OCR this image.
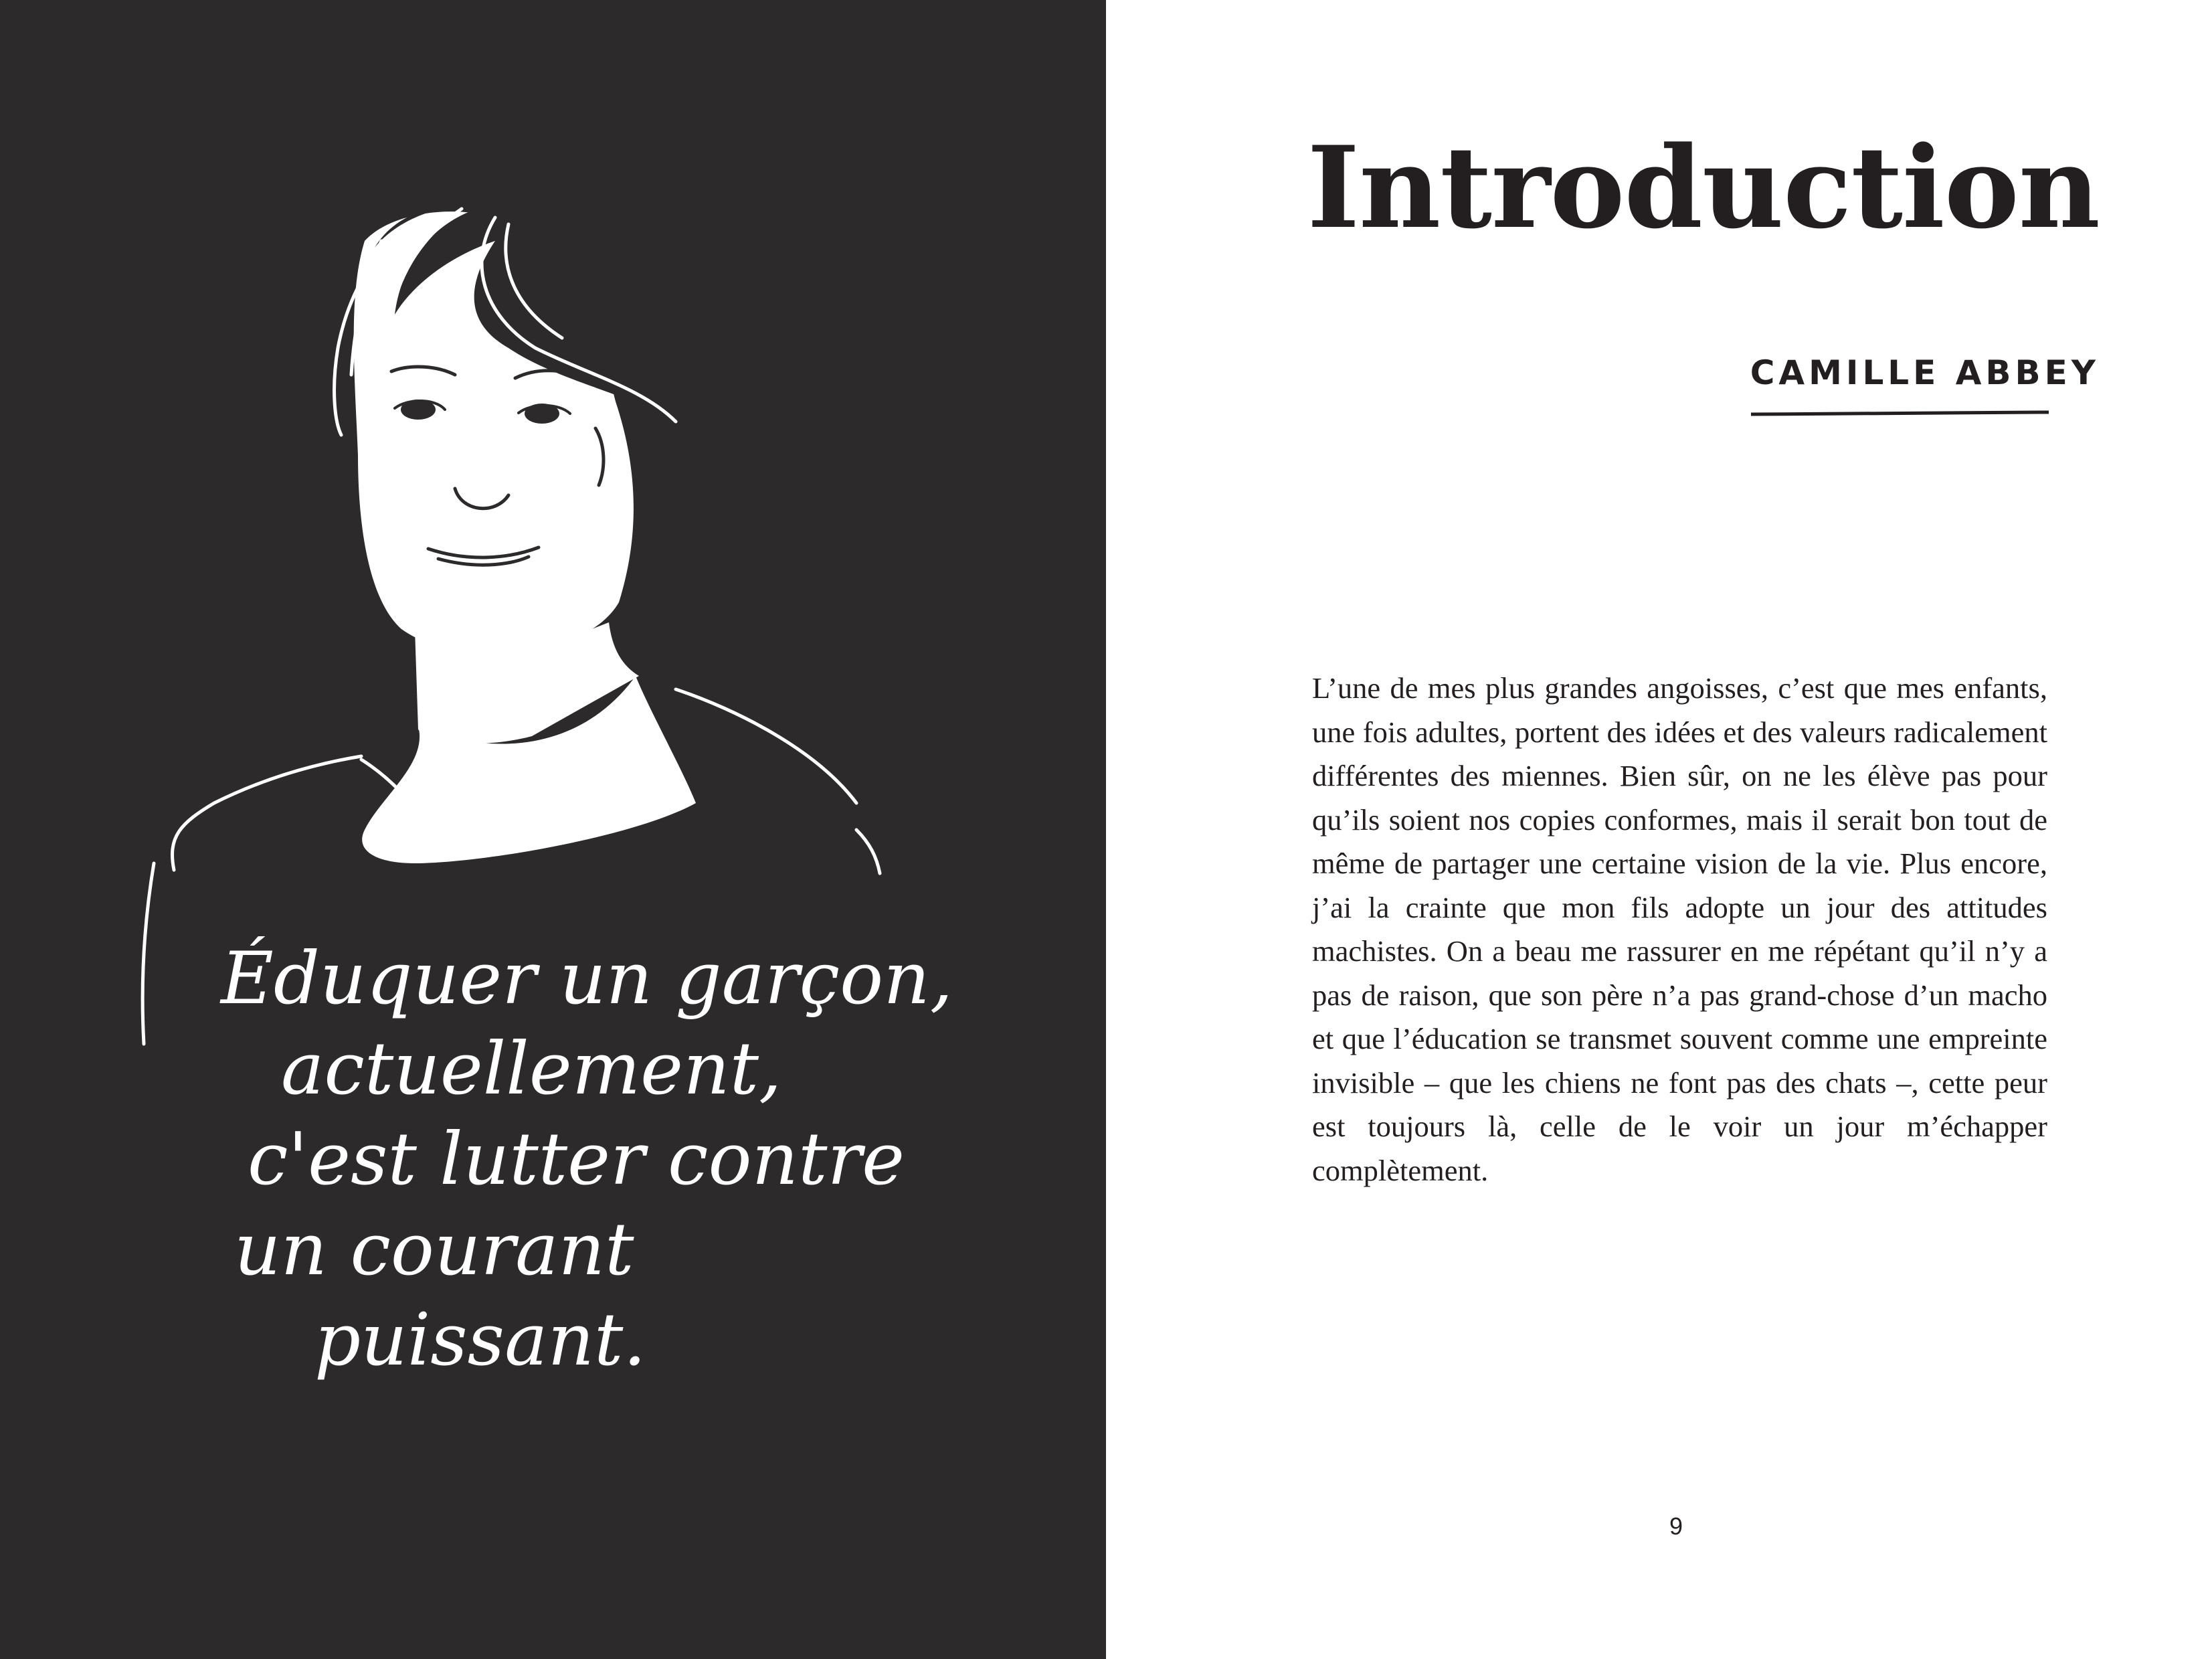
Éduquer un garçon,
actuellement,
c'est lutter contre
un courant
puissant.

Introduction

CAMILLE ABBEY

L’une de mes plus grandes angoisses, c’est que mes enfants, une fois adultes, portent des idées et des valeurs radicalement différentes des miennes. Bien sûr, on ne les élève pas pour qu’ils soient nos copies conformes, mais il serait bon tout de même de partager une certaine vision de la vie. Plus encore, j’ai la crainte que mon fils adopte un jour des attitudes machistes. On a beau me rassurer en me répétant qu’il n’y a pas de raison, que son père n’a pas grand-chose d’un macho et que l’éducation se transmet souvent comme une empreinte invisible – que les chiens ne font pas des chats –, cette peur est toujours là, celle de le voir un jour m’échapper complètement.

9
